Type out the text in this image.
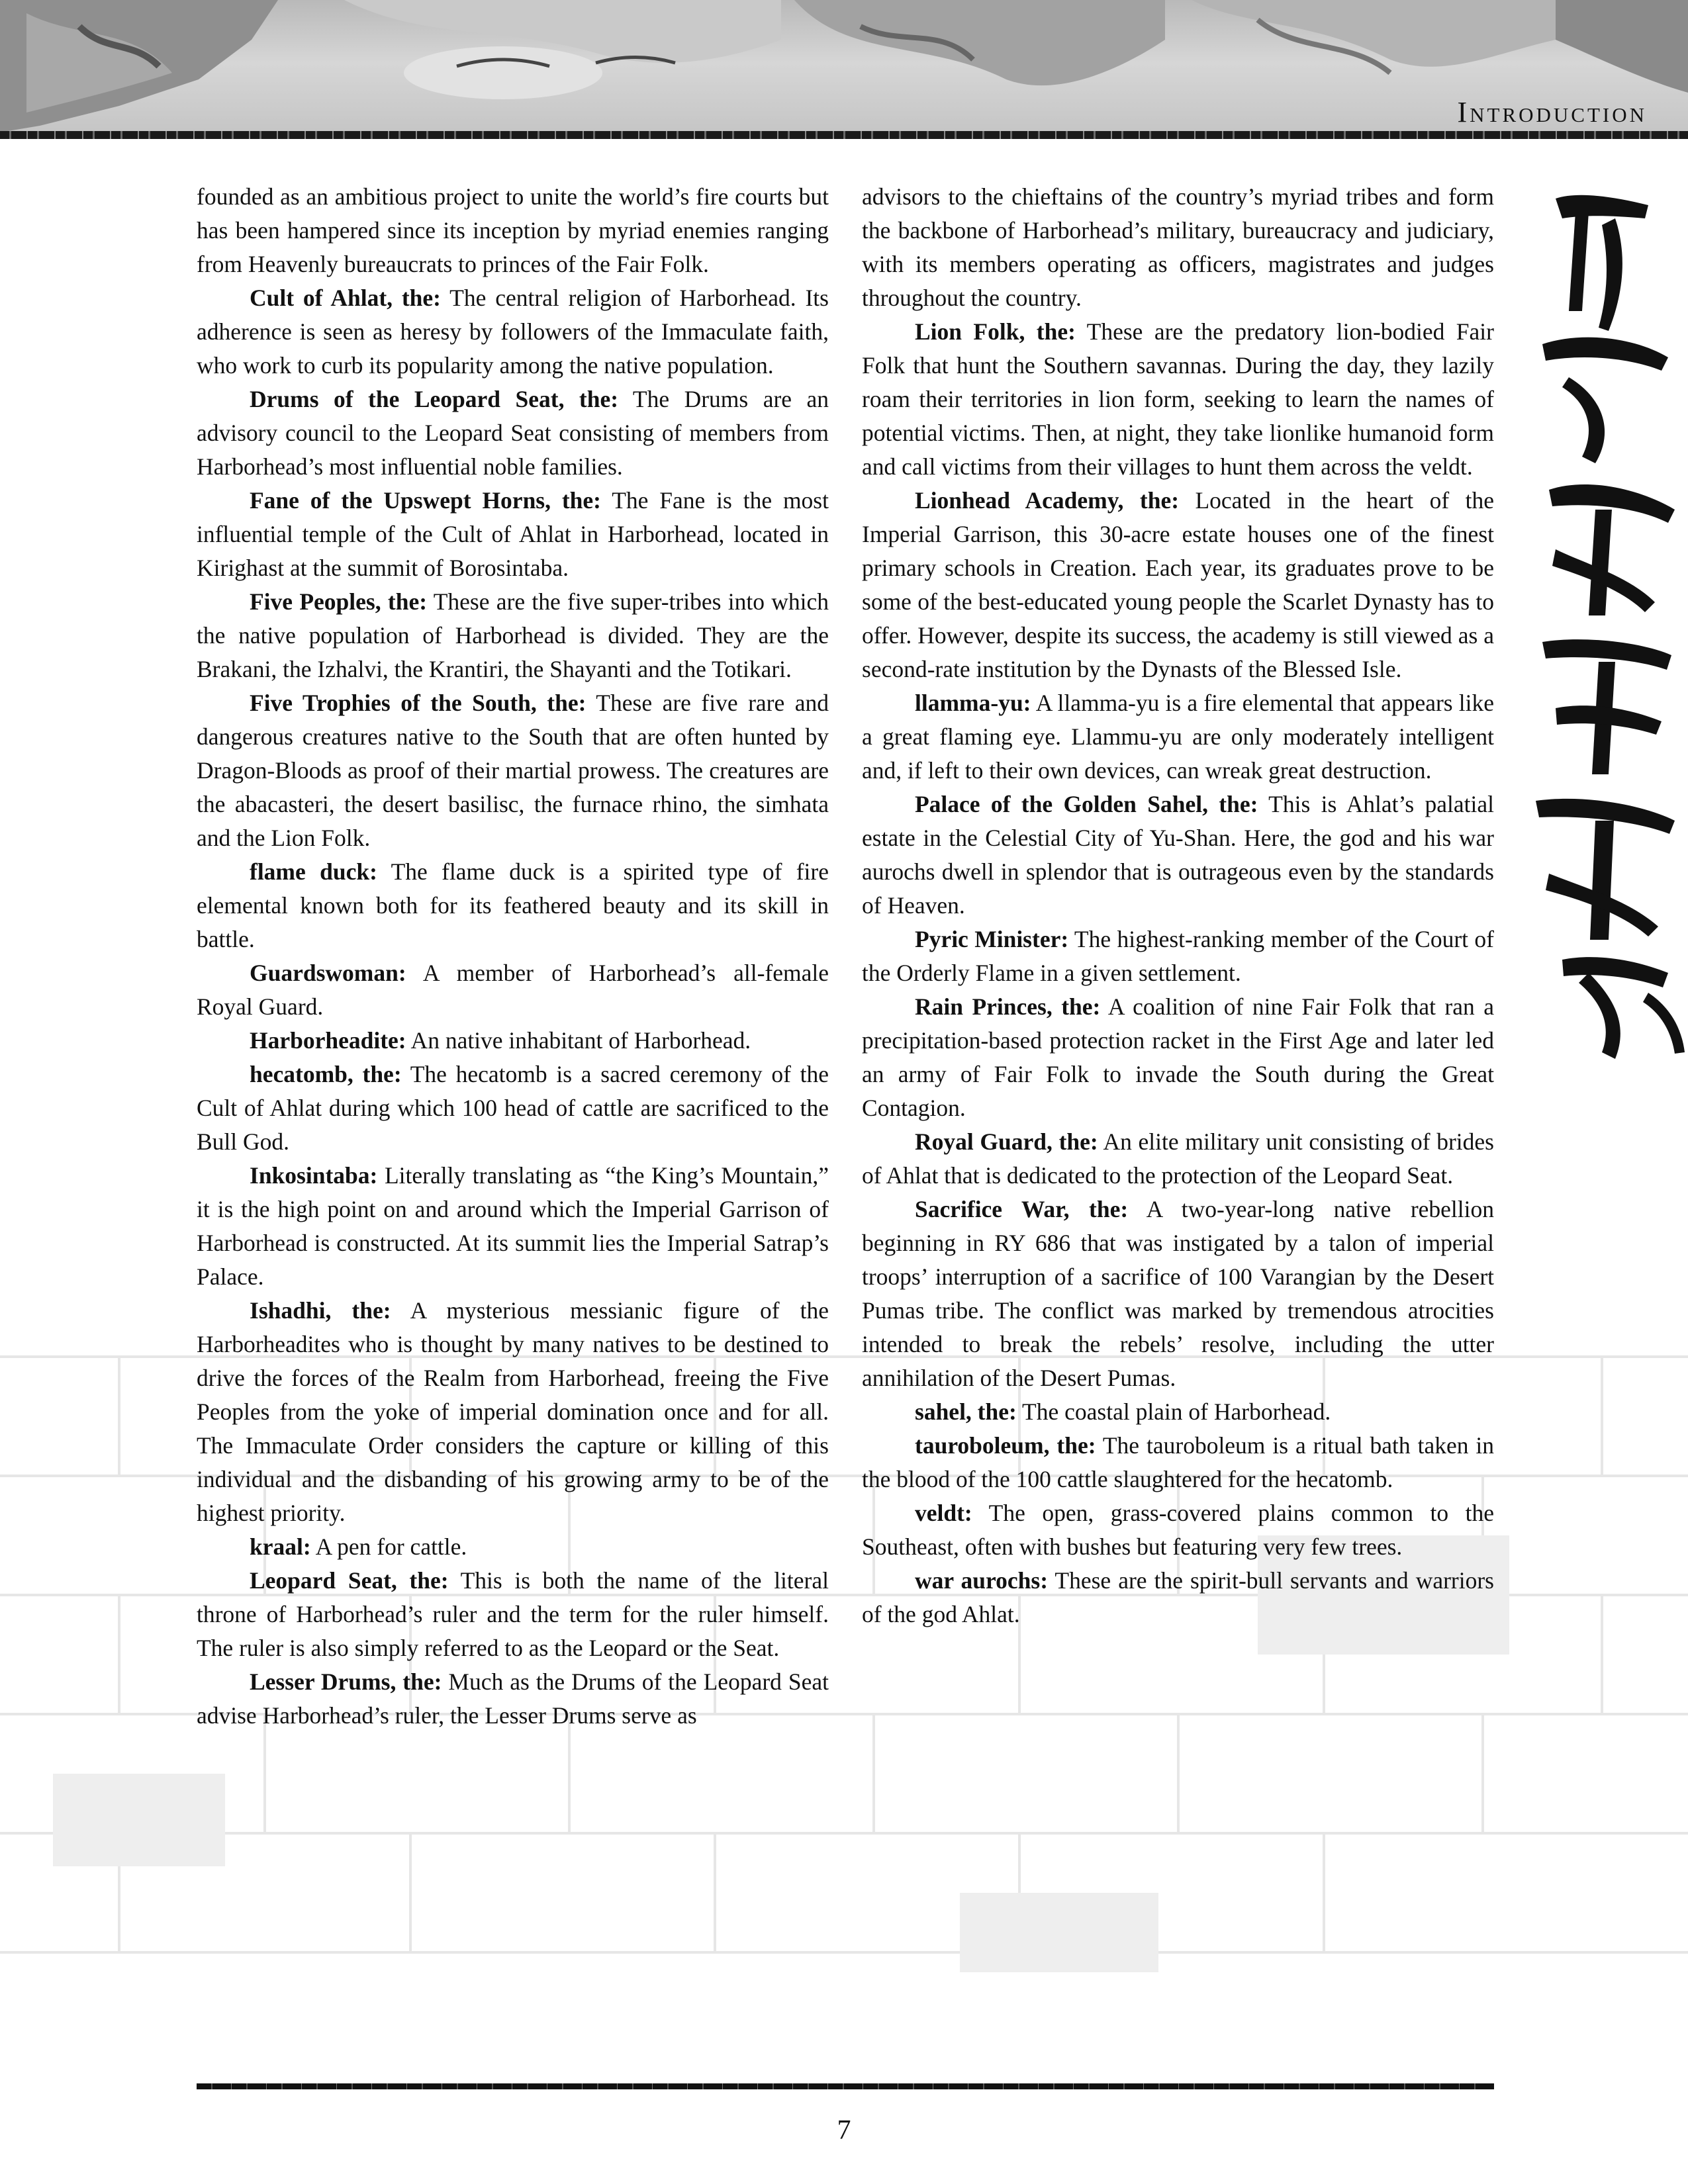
Introduction

founded as an ambitious project to unite the world’s fire courts but has been hampered since its inception by myriad enemies ranging from Heavenly bureaucrats to princes of the Fair Folk.

Cult of Ahlat, the: The central religion of Harborhead. Its adherence is seen as heresy by followers of the Immaculate faith, who work to curb its popularity among the native population.

Drums of the Leopard Seat, the: The Drums are an advisory council to the Leopard Seat consisting of members from Harborhead’s most influential noble families.

Fane of the Upswept Horns, the: The Fane is the most influential temple of the Cult of Ahlat in Harborhead, located in Kirighast at the summit of Borosintaba.

Five Peoples, the: These are the five super-tribes into which the native population of Harborhead is divided. They are the Brakani, the Izhalvi, the Krantiri, the Shayanti and the Totikari.

Five Trophies of the South, the: These are five rare and dangerous creatures native to the South that are often hunted by Dragon-Bloods as proof of their martial prowess. The creatures are the abacasteri, the desert basilisc, the furnace rhino, the simhata and the Lion Folk.

flame duck: The flame duck is a spirited type of fire elemental known both for its feathered beauty and its skill in battle.

Guardswoman: A member of Harborhead’s all-female Royal Guard.

Harborheadite: An native inhabitant of Harborhead.

hecatomb, the: The hecatomb is a sacred ceremony of the Cult of Ahlat during which 100 head of cattle are sacrificed to the Bull God.

Inkosintaba: Literally translating as “the King’s Mountain,” it is the high point on and around which the Imperial Garrison of Harborhead is constructed. At its summit lies the Imperial Satrap’s Palace.

Ishadhi, the: A mysterious messianic figure of the Harborheadites who is thought by many natives to be destined to drive the forces of the Realm from Harborhead, freeing the Five Peoples from the yoke of imperial domination once and for all. The Immaculate Order considers the capture or killing of this individual and the disbanding of his growing army to be of the highest priority.

kraal: A pen for cattle.

Leopard Seat, the: This is both the name of the literal throne of Harborhead’s ruler and the term for the ruler himself. The ruler is also simply referred to as the Leopard or the Seat.

Lesser Drums, the: Much as the Drums of the Leopard Seat advise Harborhead’s ruler, the Lesser Drums serve as

advisors to the chieftains of the country’s myriad tribes and form the backbone of Harborhead’s military, bureaucracy and judiciary, with its members operating as officers, magistrates and judges throughout the country.

Lion Folk, the: These are the predatory lion-bodied Fair Folk that hunt the Southern savannas. During the day, they lazily roam their territories in lion form, seeking to learn the names of potential victims. Then, at night, they take lionlike humanoid form and call victims from their villages to hunt them across the veldt.

Lionhead Academy, the: Located in the heart of the Imperial Garrison, this 30-acre estate houses one of the finest primary schools in Creation. Each year, its graduates prove to be some of the best-educated young people the Scarlet Dynasty has to offer. However, despite its success, the academy is still viewed as a second-rate institution by the Dynasts of the Blessed Isle.

llamma-yu: A llamma-yu is a fire elemental that appears like a great flaming eye. Llammu-yu are only moderately intelligent and, if left to their own devices, can wreak great destruction.

Palace of the Golden Sahel, the: This is Ahlat’s palatial estate in the Celestial City of Yu-Shan. Here, the god and his war aurochs dwell in splendor that is outrageous even by the standards of Heaven.

Pyric Minister: The highest-ranking member of the Court of the Orderly Flame in a given settlement.

Rain Princes, the: A coalition of nine Fair Folk that ran a precipitation-based protection racket in the First Age and later led an army of Fair Folk to invade the South during the Great Contagion.

Royal Guard, the: An elite military unit consisting of brides of Ahlat that is dedicated to the protection of the Leopard Seat.

Sacrifice War, the: A two-year-long native rebellion beginning in RY 686 that was instigated by a talon of imperial troops’ interruption of a sacrifice of 100 Varangian by the Desert Pumas tribe. The conflict was marked by tremendous atrocities intended to break the rebels’ resolve, including the utter annihilation of the Desert Pumas.

sahel, the: The coastal plain of Harborhead.

tauroboleum, the: The tauroboleum is a ritual bath taken in the blood of the 100 cattle slaughtered for the hecatomb.

veldt: The open, grass-covered plains common to the Southeast, often with bushes but featuring very few trees.

war aurochs: These are the spirit-bull servants and warriors of the god Ahlat.

7
